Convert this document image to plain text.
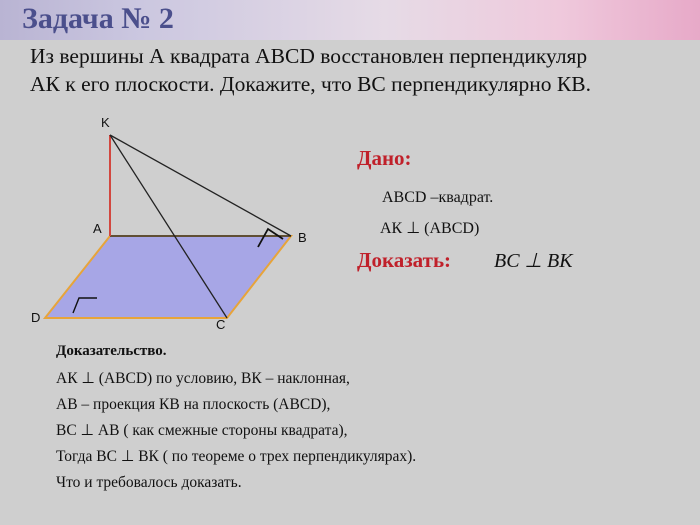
Задача № 2
Из вершины А квадрата ABCD восстановлен перпендикуляр
АК к его плоскости. Докажите, что ВС перпендикулярно КВ.
K
A
B
C
D
Дано:
ABCD –квадрат.
АК ⊥ (ABCD)
Доказать: BC ⊥ BK
Доказательство.
АК ⊥ (ABCD) по условию, ВК – наклонная,
АВ – проекция КВ на плоскость (ABCD),
ВС ⊥ АВ ( как смежные стороны квадрата),
Тогда ВС ⊥ ВК ( по теореме о трех перпендикулярах).
Что и требовалось доказать.
